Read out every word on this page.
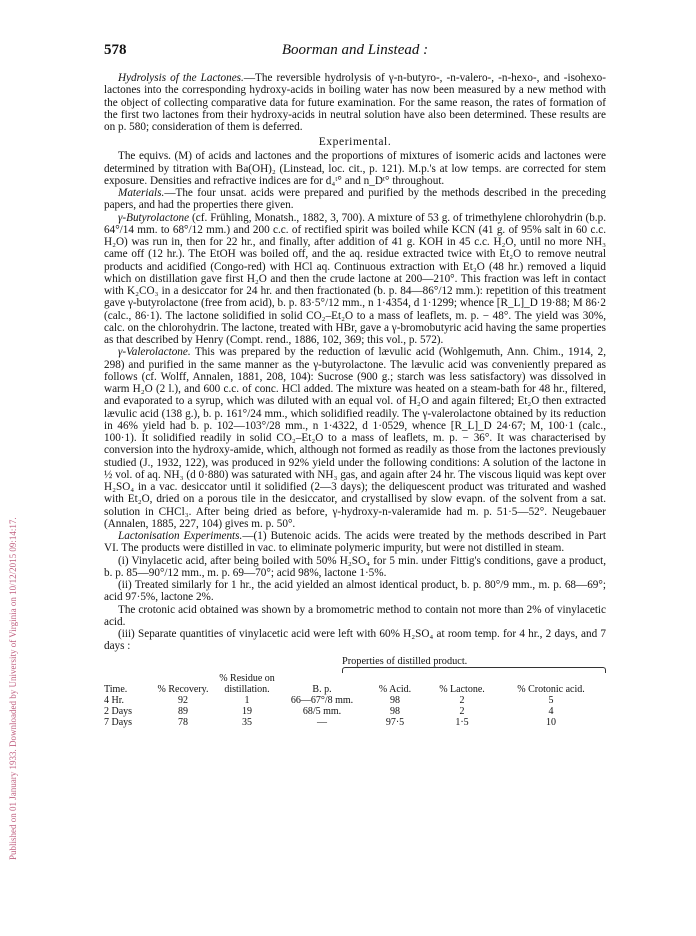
Published on 01 January 1933. Downloaded by University of Virginia on 10/12/2015 09:14:17.
578	Boorman and Linstead :

Hydrolysis of the Lactones.—The reversible hydrolysis of γ-n-butyro-, -n-valero-, -n-hexo-, and -isohexo-lactones into the corresponding hydroxy-acids in boiling water has now been measured by a new method with the object of collecting comparative data for future examination. For the same reason, the rates of formation of the first two lactones from their hydroxy-acids in neutral solution have also been determined. These results are on p. 580; consideration of them is deferred.

Experimental.

The equivs. (M) of acids and lactones and the proportions of mixtures of isomeric acids and lactones were determined by titration with Ba(OH)₂ (Linstead, loc. cit., p. 121). M.p.'s at low temps. are corrected for stem exposure. Densities and refractive indices are for d₄ᵗ° and n_Dᵗ° throughout.

Materials.—The four unsat. acids were prepared and purified by the methods described in the preceding papers, and had the properties there given.

γ-Butyrolactone (cf. Frühling, Monatsh., 1882, 3, 700). A mixture of 53 g. of trimethylene chlorohydrin (b.p. 64°/14 mm. to 68°/12 mm.) and 200 c.c. of rectified spirit was boiled while KCN (41 g. of 95% salt in 60 c.c. H₂O) was run in, then for 22 hr., and finally, after addition of 41 g. KOH in 45 c.c. H₂O, until no more NH₃ came off (12 hr.). The EtOH was boiled off, and the aq. residue extracted twice with Et₂O to remove neutral products and acidified (Congo-red) with HCl aq. Continuous extraction with Et₂O (48 hr.) removed a liquid which on distillation gave first H₂O and then the crude lactone at 200—210°. This fraction was left in contact with K₂CO₃ in a desiccator for 24 hr. and then fractionated (b. p. 84—86°/12 mm.): repetition of this treatment gave γ-butyrolactone (free from acid), b. p. 83·5°/12 mm., n 1·4354, d 1·1299; whence [R_L]_D 19·88; M 86·2 (calc., 86·1). The lactone solidified in solid CO₂–Et₂O to a mass of leaflets, m. p. − 48°. The yield was 30%, calc. on the chlorohydrin. The lactone, treated with HBr, gave a γ-bromobutyric acid having the same properties as that described by Henry (Compt. rend., 1886, 102, 369; this vol., p. 572).

γ-Valerolactone. This was prepared by the reduction of lævulic acid (Wohlgemuth, Ann. Chim., 1914, 2, 298) and purified in the same manner as the γ-butyrolactone. The lævulic acid was conveniently prepared as follows (cf. Wolff, Annalen, 1881, 208, 104): Sucrose (900 g.; starch was less satisfactory) was dissolved in warm H₂O (2 l.), and 600 c.c. of conc. HCl added. The mixture was heated on a steam-bath for 48 hr., filtered, and evaporated to a syrup, which was diluted with an equal vol. of H₂O and again filtered; Et₂O then extracted lævulic acid (138 g.), b. p. 161°/24 mm., which solidified readily. The γ-valerolactone obtained by its reduction in 46% yield had b. p. 102—103°/28 mm., n 1·4322, d 1·0529, whence [R_L]_D 24·67; M, 100·1 (calc., 100·1). It solidified readily in solid CO₂–Et₂O to a mass of leaflets, m. p. − 36°. It was characterised by conversion into the hydroxy-amide, which, although not formed as readily as those from the lactones previously studied (J., 1932, 122), was produced in 92% yield under the following conditions: A solution of the lactone in ½ vol. of aq. NH₃ (d 0·880) was saturated with NH₃ gas, and again after 24 hr. The viscous liquid was kept over H₂SO₄ in a vac. desiccator until it solidified (2—3 days); the deliquescent product was triturated and washed with Et₂O, dried on a porous tile in the desiccator, and crystallised by slow evapn. of the solvent from a sat. solution in CHCl₃. After being dried as before, γ-hydroxy-n-valeramide had m. p. 51·5—52°. Neugebauer (Annalen, 1885, 227, 104) gives m. p. 50°.

Lactonisation Experiments.—(1) Butenoic acids. The acids were treated by the methods described in Part VI. The products were distilled in vac. to eliminate polymeric impurity, but were not distilled in steam.

(i) Vinylacetic acid, after being boiled with 50% H₂SO₄ for 5 min. under Fittig's conditions, gave a product, b. p. 85—90°/12 mm., m. p. 69—70°; acid 98%, lactone 1·5%.

(ii) Treated similarly for 1 hr., the acid yielded an almost identical product, b. p. 80°/9 mm., m. p. 68—69°; acid 97·5%, lactone 2%.

The crotonic acid obtained was shown by a bromometric method to contain not more than 2% of vinylacetic acid.

(iii) Separate quantities of vinylacetic acid were left with 60% H₂SO₄ at room temp. for 4 hr., 2 days, and 7 days :

Properties of distilled product.
Time.	% Recovery.	% Residue on distillation.	B. p.	% Acid.	% Lactone.	% Crotonic acid.
4 Hr.	92	1	66—67°/8 mm.	98	2	5
2 Days	89	19	68/5 mm.	98	2	4
7 Days	78	35	—	97·5	1·5	10
